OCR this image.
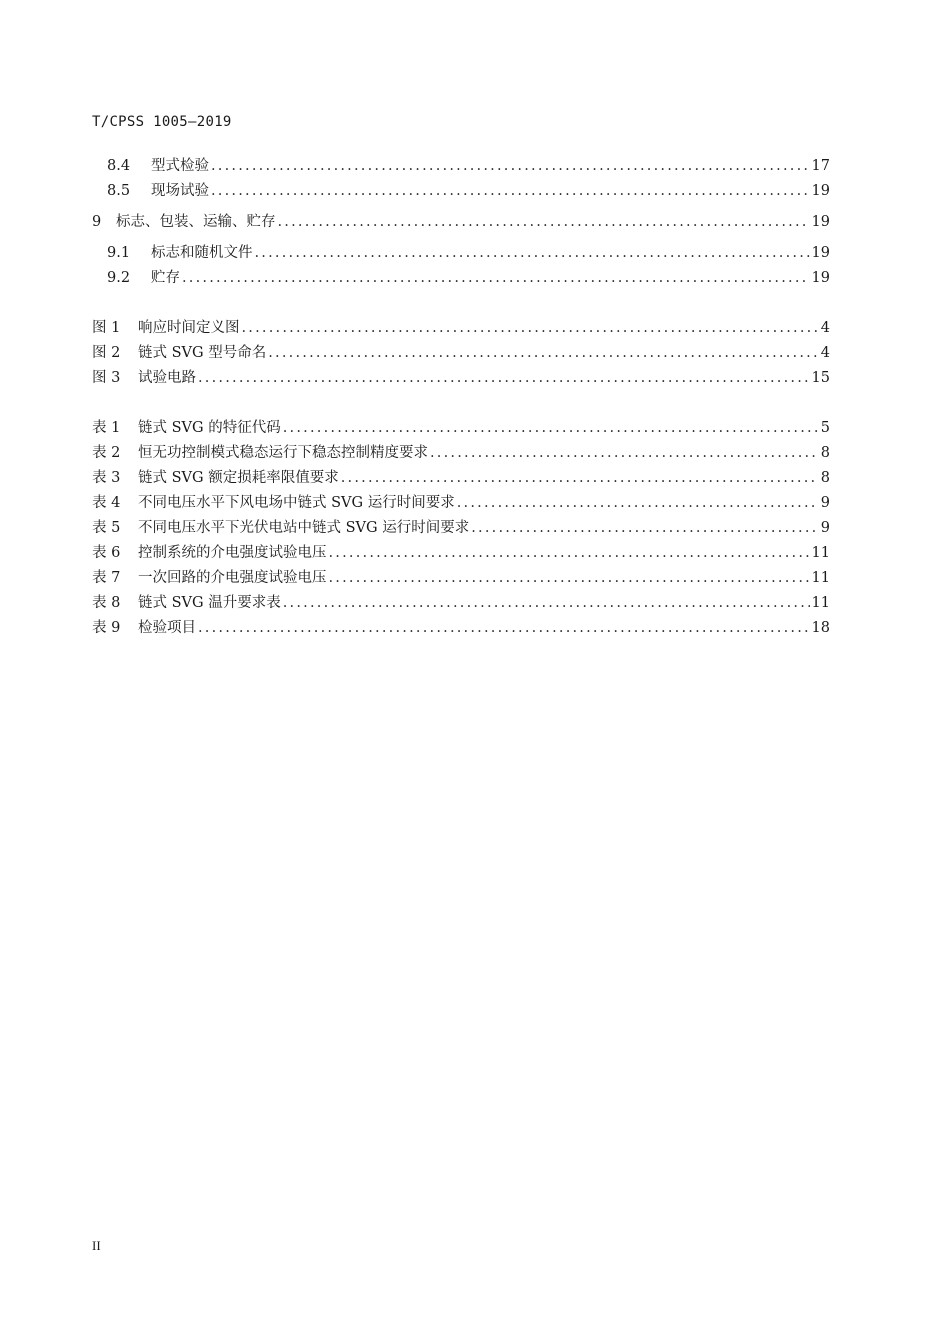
T/CPSS 1005—2019
8.4	型式检验 .....	17
8.5	现场试验 .....	19
9	标志、包装、运输、贮存 .....	19
9.1	标志和随机文件 .....	19
9.2	贮存 .....	19
图 1	响应时间定义图 .....	4
图 2	链式 SVG 型号命名 .....	4
图 3	试验电路 .....	15
表 1	链式 SVG 的特征代码 .....	5
表 2	恒无功控制模式稳态运行下稳态控制精度要求 .....	8
表 3	链式 SVG 额定损耗率限值要求 .....	8
表 4	不同电压水平下风电场中链式 SVG 运行时间要求 .....	9
表 5	不同电压水平下光伏电站中链式 SVG 运行时间要求 .....	9
表 6	控制系统的介电强度试验电压 .....	11
表 7	一次回路的介电强度试验电压 .....	11
表 8	链式 SVG 温升要求表 .....	11
表 9	检验项目 .....	18
II
